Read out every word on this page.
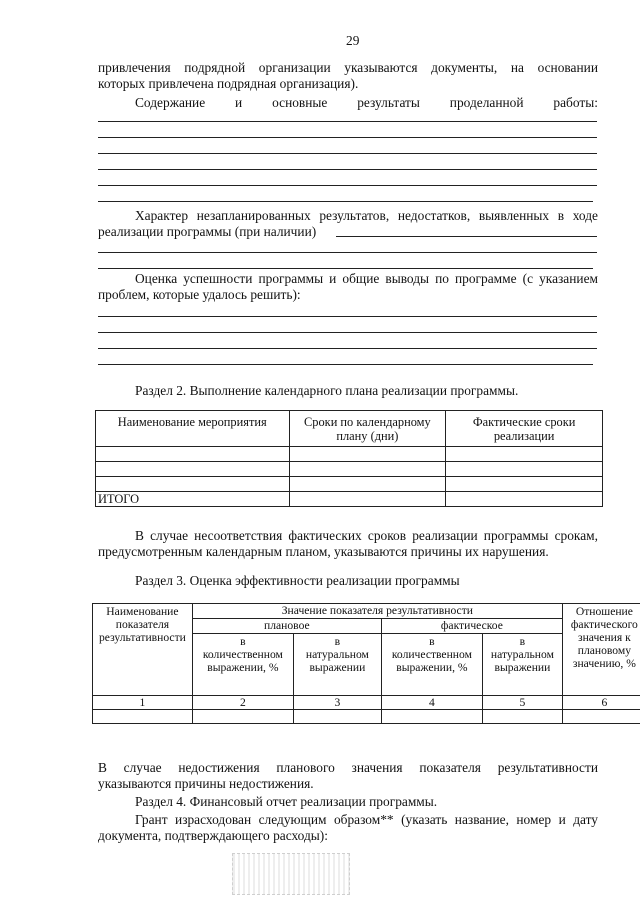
29
привлечения подрядной организации указываются документы, на основании
которых привлечена подрядная организация).
Содержание и основные результаты проделанной работы:
Характер незапланированных результатов, недостатков, выявленных в ходе
реализации программы (при наличии)
Оценка успешности программы и общие выводы по программе (с указанием
проблем, которые удалось решить):
Раздел 2. Выполнение календарного плана реализации программы.
Наименование мероприятия	Сроки по календарному плану (дни)	Фактические сроки реализации

ИТОГО		
В случае несоответствия фактических сроков реализации программы срокам,
предусмотренным календарным планом, указываются причины их нарушения.
Раздел 3. Оценка эффективности реализации программы
Наименование показателя результативности	Значение показателя результативности				Отношение фактического значения к плановому значению, %
	плановое		фактическое		
	в количественном выражении, %	в натуральном выражении	в количественном выражении, %	в натуральном выражении	
1	2	3	4	5	6

В случае недостижения планового значения показателя результативности
указываются причины недостижения.
Раздел 4. Финансовый отчет реализации программы.
Грант израсходован следующим образом** (указать название, номер и дату
документа, подтверждающего расходы):
